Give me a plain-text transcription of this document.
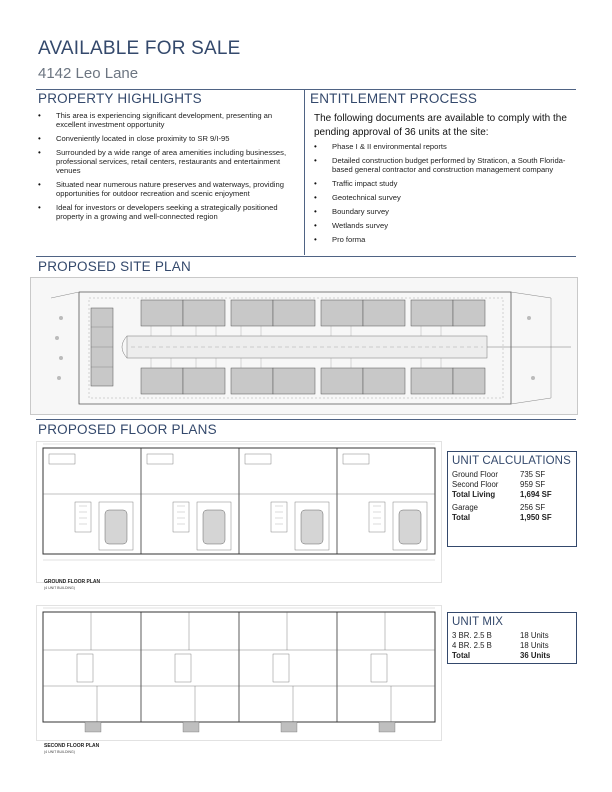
AVAILABLE FOR SALE
4142 Leo Lane
PROPERTY HIGHLIGHTS
• This area is experiencing significant development, presenting an excellent investment opportunity
• Conveniently located in close proximity to SR 9/I-95
• Surrounded by a wide range of area amenities including businesses, professional services, retail centers, restaurants and entertainment venues
• Situated near numerous nature preserves and waterways, providing opportunities for outdoor recreation and scenic enjoyment
• Ideal for investors or developers seeking a strategically positioned property in a growing and well-connected region
ENTITLEMENT PROCESS
The following documents are available to comply with the pending approval of 36 units at the site:
• Phase I & II environmental reports
• Detailed construction budget performed by Straticon, a South Florida-based general contractor and construction management company
• Traffic impact study
• Geotechnical survey
• Boundary survey
• Wetlands survey
• Pro forma
PROPOSED SITE PLAN
PROPOSED FLOOR PLANS
GROUND FLOOR PLAN
(4 UNIT BUILDING)
SECOND FLOOR PLAN
(4 UNIT BUILDING)
UNIT CALCULATIONS
Ground Floor	735 SF
Second Floor	959 SF
Total Living	1,694 SF
Garage	256 SF
Total	1,950 SF
UNIT MIX
3 BR. 2.5 B	18 Units
4 BR. 2.5 B	18 Units
Total	36 Units
